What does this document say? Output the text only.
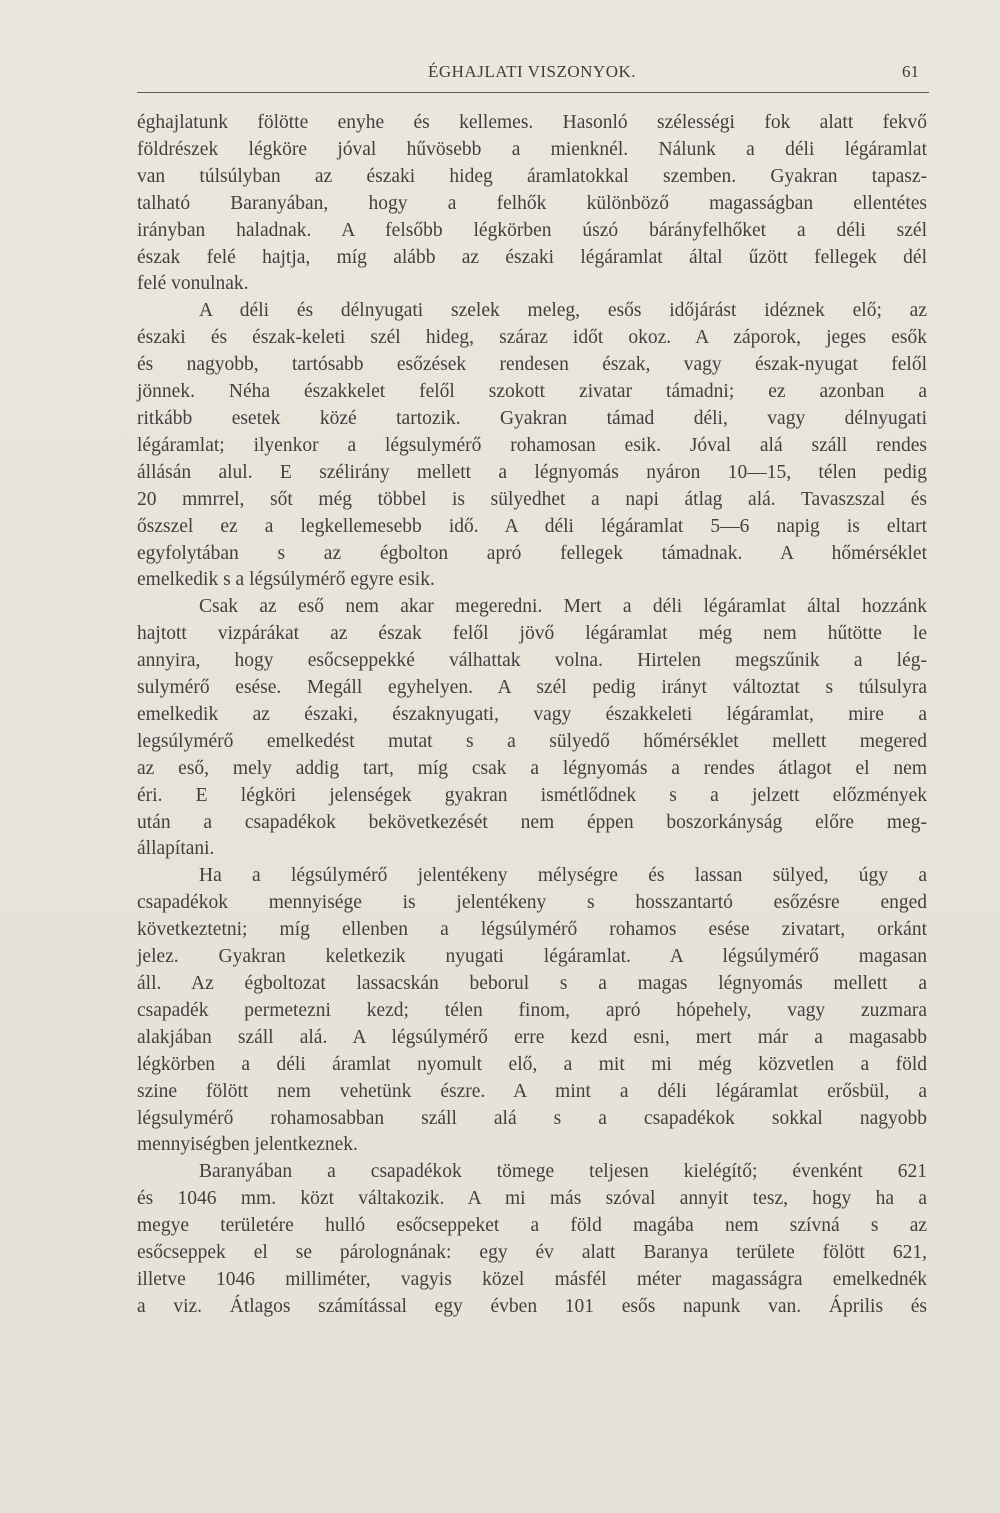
ÉGHAJLATI VISZONYOK.	61
éghajlatunk fölötte enyhe és kellemes. Hasonló szélességi fok alatt fekvő
földrészek légköre jóval hűvösebb a mienknél. Nálunk a déli légáramlat
van túlsúlyban az északi hideg áramlatokkal szemben. Gyakran tapasz-
talható Baranyában, hogy a felhők különböző magasságban ellentétes
irányban haladnak. A felsőbb légkörben úszó bárányfelhőket a déli szél
észak felé hajtja, míg alább az északi légáramlat által űzött fellegek dél
felé vonulnak.
A déli és délnyugati szelek meleg, esős időjárást idéznek elő; az
északi és észak-keleti szél hideg, száraz időt okoz. A záporok, jeges esők
és nagyobb, tartósabb esőzések rendesen észak, vagy észak-nyugat felől
jönnek. Néha északkelet felől szokott zivatar támadni; ez azonban a
ritkább esetek közé tartozik. Gyakran támad déli, vagy délnyugati
légáramlat; ilyenkor a légsulymérő rohamosan esik. Jóval alá száll rendes
állásán alul. E szélirány mellett a légnyomás nyáron 10—15, télen pedig
20 mmrrel, sőt még többel is sülyedhet a napi átlag alá. Tavaszszal és
őszszel ez a legkellemesebb idő. A déli légáramlat 5—6 napig is eltart
egyfolytában s az égbolton apró fellegek támadnak. A hőmérséklet
emelkedik s a légsúlymérő egyre esik.
Csak az eső nem akar megeredni. Mert a déli légáramlat által hozzánk
hajtott vizpárákat az észak felől jövő légáramlat még nem hűtötte le
annyira, hogy esőcseppekké válhattak volna. Hirtelen megszűnik a lég-
sulymérő esése. Megáll egyhelyen. A szél pedig irányt változtat s túlsulyra
emelkedik az északi, északnyugati, vagy északkeleti légáramlat, mire a
legsúlymérő emelkedést mutat s a sülyedő hőmérséklet mellett megered
az eső, mely addig tart, míg csak a légnyomás a rendes átlagot el nem
éri. E légköri jelenségek gyakran ismétlődnek s a jelzett előzmények
után a csapadékok bekövetkezését nem éppen boszorkányság előre meg-
állapítani.
Ha a légsúlymérő jelentékeny mélységre és lassan sülyed, úgy a
csapadékok mennyisége is jelentékeny s hosszantartó esőzésre enged
következtetni; míg ellenben a légsúlymérő rohamos esése zivatart, orkánt
jelez. Gyakran keletkezik nyugati légáramlat. A légsúlymérő magasan
áll. Az égboltozat lassacskán beborul s a magas légnyomás mellett a
csapadék permetezni kezd; télen finom, apró hópehely, vagy zuzmara
alakjában száll alá. A légsúlymérő erre kezd esni, mert már a magasabb
légkörben a déli áramlat nyomult elő, a mit mi még közvetlen a föld
szine fölött nem vehetünk észre. A mint a déli légáramlat erősbül, a
légsulymérő rohamosabban száll alá s a csapadékok sokkal nagyobb
mennyiségben jelentkeznek.
Baranyában a csapadékok tömege teljesen kielégítő; évenként 621
és 1046 mm. közt váltakozik. A mi más szóval annyit tesz, hogy ha a
megye területére hulló esőcseppeket a föld magába nem szívná s az
esőcseppek el se párolognának: egy év alatt Baranya területe fölött 621,
illetve 1046 milliméter, vagyis közel másfél méter magasságra emelkednék
a viz. Átlagos számítással egy évben 101 esős napunk van. Április és
